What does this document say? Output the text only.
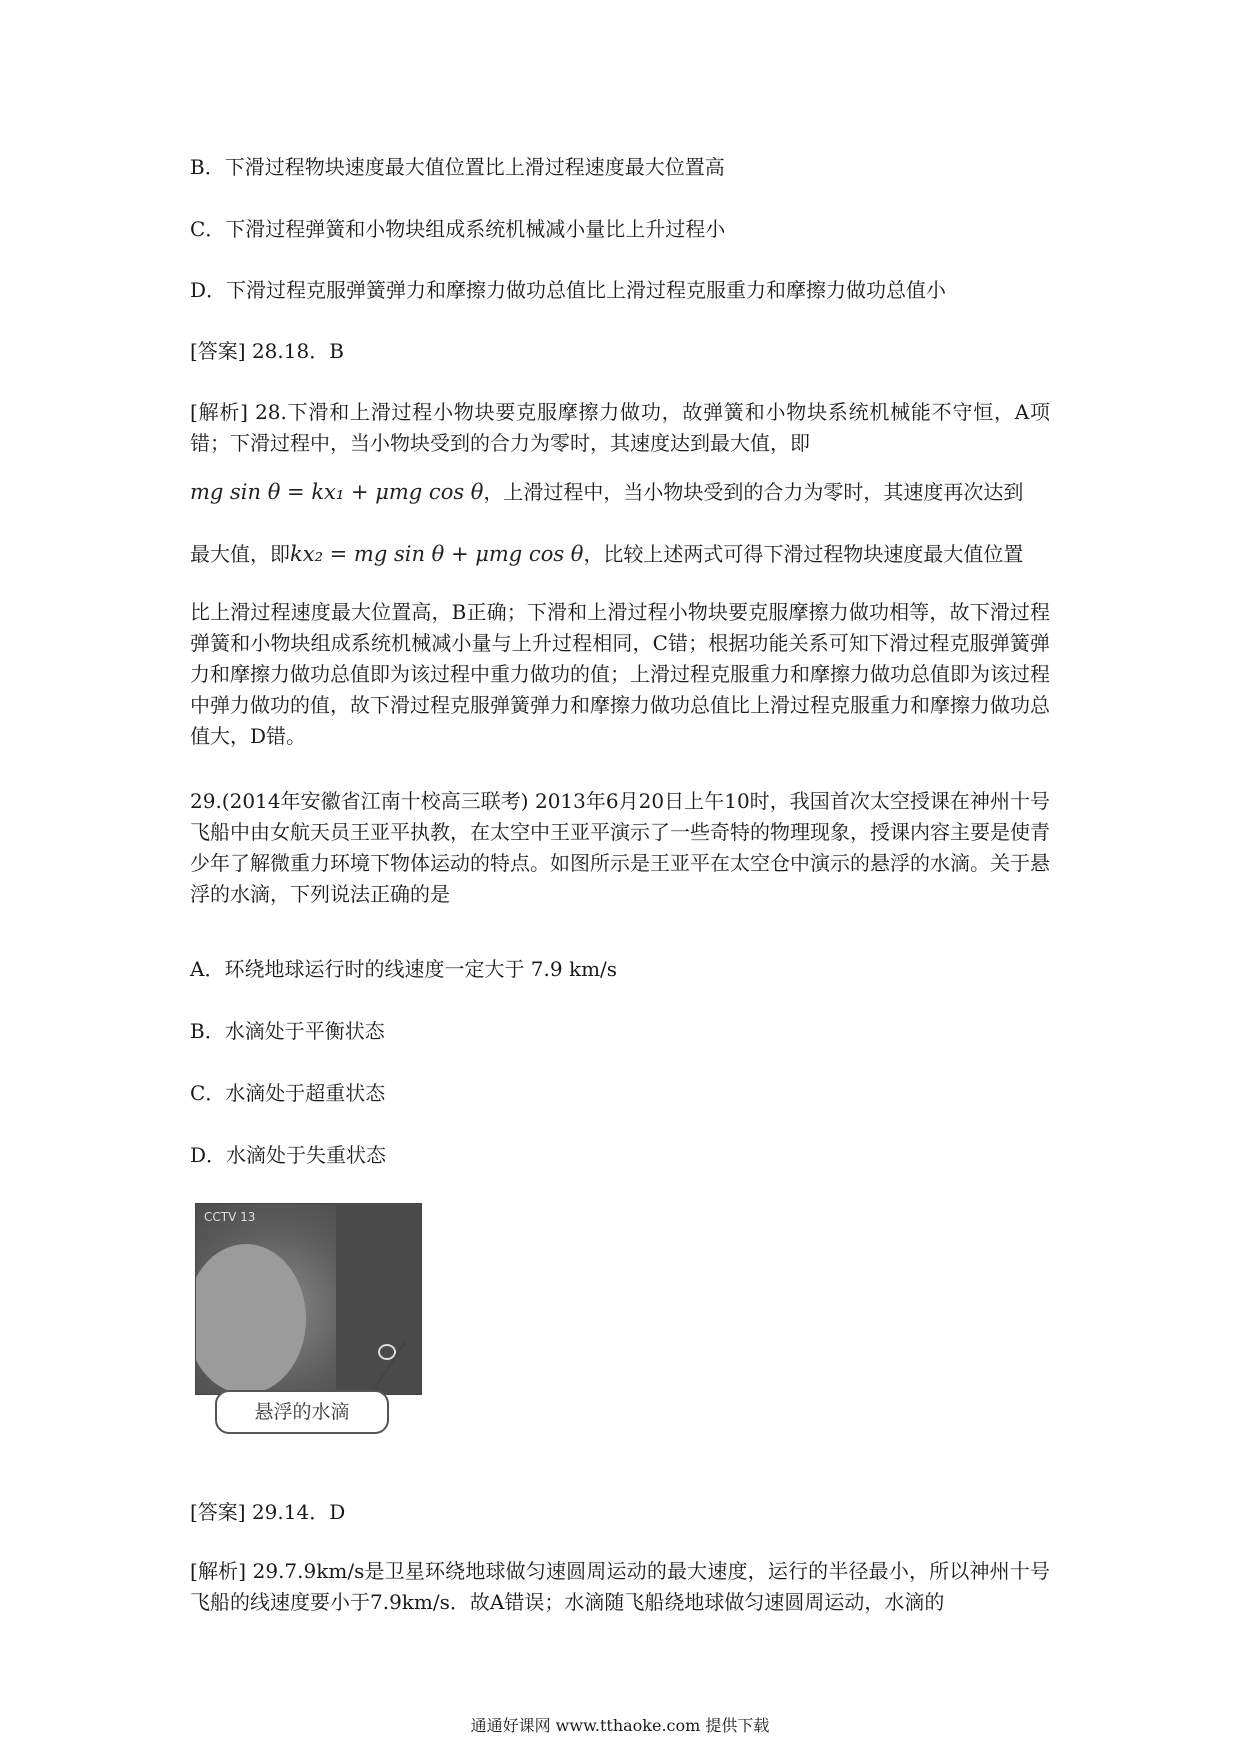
B．下滑过程物块速度最大值位置比上滑过程速度最大位置高
C．下滑过程弹簧和小物块组成系统机械减小量比上升过程小
D．下滑过程克服弹簧弹力和摩擦力做功总值比上滑过程克服重力和摩擦力做功总值小
[答案] 28.18．B
[解析] 28.下滑和上滑过程小物块要克服摩擦力做功，故弹簧和小物块系统机械能不守恒，A项错；下滑过程中，当小物块受到的合力为零时，其速度达到最大值，即
mg sin θ = kx₁ + μmg cos θ，上滑过程中，当小物块受到的合力为零时，其速度再次达到
最大值，即kx₂ = mg sin θ + μmg cos θ，比较上述两式可得下滑过程物块速度最大值位置
比上滑过程速度最大位置高，B正确；下滑和上滑过程小物块要克服摩擦力做功相等，故下滑过程弹簧和小物块组成系统机械减小量与上升过程相同，C错；根据功能关系可知下滑过程克服弹簧弹力和摩擦力做功总值即为该过程中重力做功的值；上滑过程克服重力和摩擦力做功总值即为该过程中弹力做功的值，故下滑过程克服弹簧弹力和摩擦力做功总值比上滑过程克服重力和摩擦力做功总值大，D错。
29.(2014年安徽省江南十校高三联考) 2013年6月20日上午10时，我国首次太空授课在神州十号飞船中由女航天员王亚平执教，在太空中王亚平演示了一些奇特的物理现象，授课内容主要是使青少年了解微重力环境下物体运动的特点。如图所示是王亚平在太空仓中演示的悬浮的水滴。关于悬浮的水滴，下列说法正确的是
A．环绕地球运行时的线速度一定大于 7.9 km/s
B．水滴处于平衡状态
C．水滴处于超重状态
D．水滴处于失重状态
CCTV 13
悬浮的水滴
[答案] 29.14．D
[解析] 29.7.9km/s是卫星环绕地球做匀速圆周运动的最大速度，运行的半径最小，所以神州十号飞船的线速度要小于7.9km/s．故A错误；水滴随飞船绕地球做匀速圆周运动，水滴的
通通好课网 www.tthaoke.com 提供下载
